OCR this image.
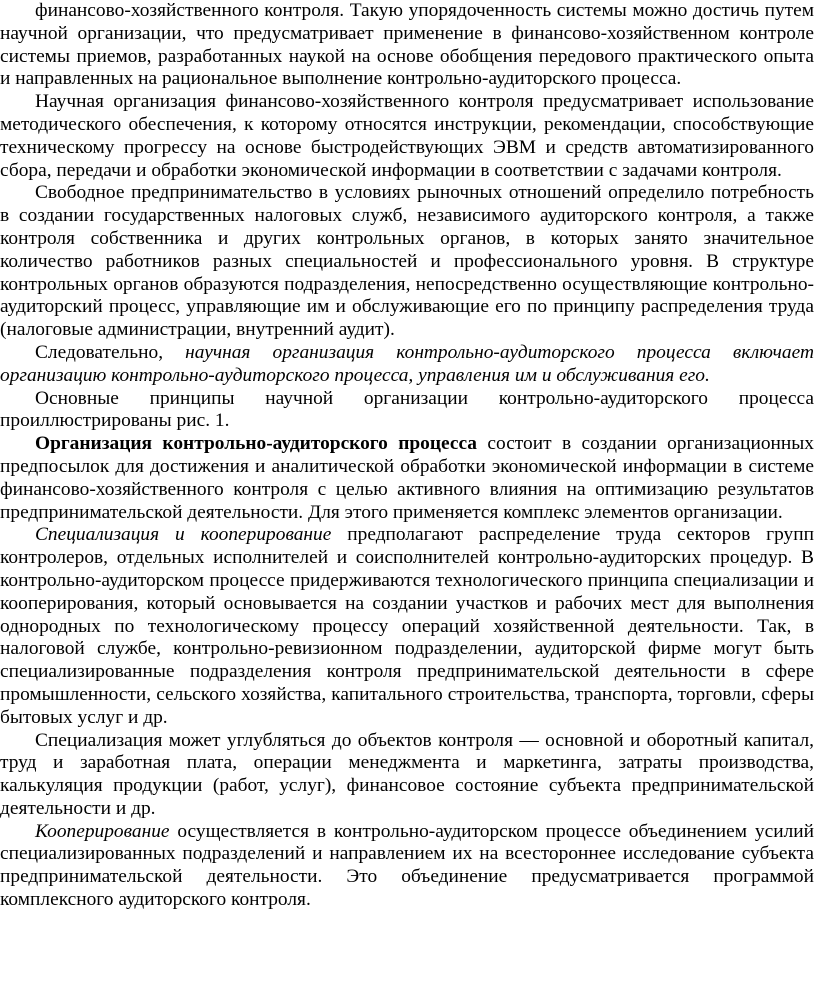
финансово-хозяйственного контроля. Такую упорядоченность системы можно достичь путем научной организации, что предусматривает применение в финансово-хозяйственном контроле системы приемов, разработанных наукой на основе обобщения передового практического опыта и направленных на рациональное выполнение контрольно-аудиторского процесса.

Научная организация финансово-хозяйственного контроля предусматривает использование методического обеспечения, к которому относятся инструкции, рекомендации, способствующие техническому прогрессу на основе быстродействующих ЭВМ и средств автоматизированного сбора, передачи и обработки экономической информации в соответствии с задачами контроля.

Свободное предпринимательство в условиях рыночных отношений определило потребность в создании государственных налоговых служб, независимого аудиторского контроля, а также контроля собственника и других контрольных органов, в которых занято значительное количество работников разных специальностей и профессионального уровня. В структуре контрольных органов образуются подразделения, непосредственно осуществляющие контрольно-аудиторский процесс, управляющие им и обслуживающие его по принципу распределения труда (налоговые администрации, внутренний аудит).

Следовательно, научная организация контрольно-аудиторского процесса включает организацию контрольно-аудиторского процесса, управления им и обслуживания его.

Основные принципы научной организации контрольно-аудиторского процесса проиллюстрированы рис. 1.

Организация контрольно-аудиторского процесса состоит в создании организационных предпосылок для достижения и аналитической обработки экономической информации в системе финансово-хозяйственного контроля с целью активного влияния на оптимизацию результатов предпринимательской деятельности. Для этого применяется комплекс элементов организации.

Специализация и кооперирование предполагают распределение труда секторов групп контролеров, отдельных исполнителей и соисполнителей контрольно-аудиторских процедур. В контрольно-аудиторском процессе придерживаются технологического принципа специализации и кооперирования, который основывается на создании участков и рабочих мест для выполнения однородных по технологическому процессу операций хозяйственной деятельности. Так, в налоговой службе, контрольно-ревизионном подразделении, аудиторской фирме могут быть специализированные подразделения контроля предпринимательской деятельности в сфере промышленности, сельского хозяйства, капитального строительства, транспорта, торговли, сферы бытовых услуг и др.

Специализация может углубляться до объектов контроля — основной и оборотный капитал, труд и заработная плата, операции менеджмента и маркетинга, затраты производства, калькуляция продукции (работ, услуг), финансовое состояние субъекта предпринимательской деятельности и др.

Кооперирование осуществляется в контрольно-аудиторском процессе объединением усилий специализированных подразделений и направлением их на всестороннее исследование субъекта предпринимательской деятельности. Это объединение предусматривается программой комплексного аудиторского контроля.
